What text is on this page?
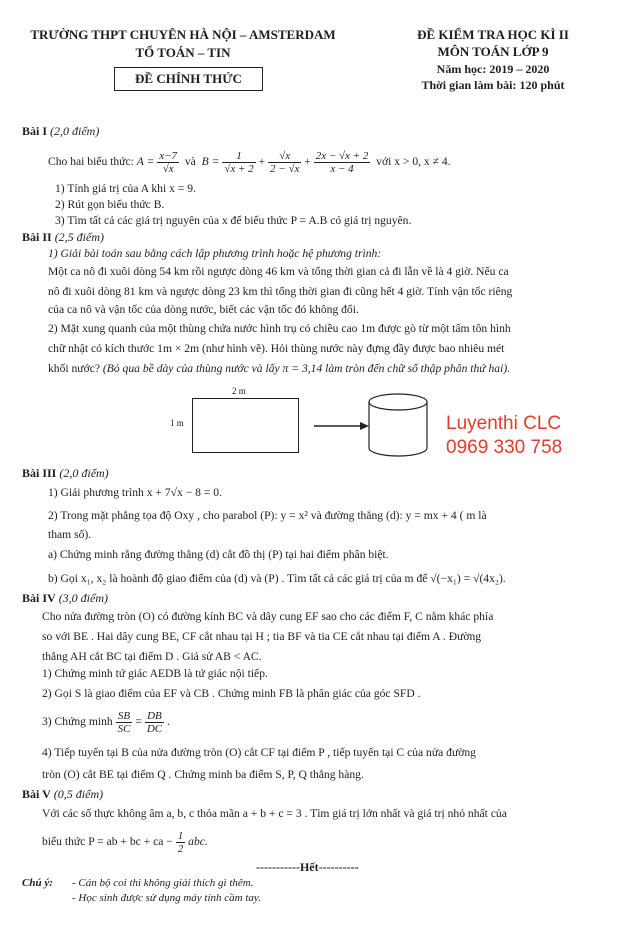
TRƯỜNG THPT CHUYÊN HÀ NỘI – AMSTERDAM
TỔ TOÁN – TIN
ĐỀ CHÍNH THỨC
ĐỀ KIỂM TRA HỌC KÌ II
MÔN TOÁN LỚP 9
Năm học: 2019 – 2020
Thời gian làm bài: 120 phút
Bài I (2,0 điểm)
Cho hai biểu thức: $A = \frac{x-7}{√x}$ và $B = \frac{1}{√x + 2} + \frac{√x}{2 - √x} + \frac{2x - √x + 2}{x - 4}$ với x > 0, x ≠ 4.
1) Tính giá trị của A khi x = 9.
2) Rút gọn biểu thức B.
3) Tìm tất cả các giá trị nguyên của x để biểu thức P = A.B có giá trị nguyên.
Bài II (2,5 điểm)
1) Giải bài toán sau bằng cách lập phương trình hoặc hệ phương trình:
Một ca nô đi xuôi dòng 54 km rồi ngược dòng 46 km và tổng thời gian cả đi lẫn về là 4 giờ. Nếu ca
nô đi xuôi dòng 81 km và ngược dòng 23 km thì tổng thời gian đi cũng hết 4 giờ. Tính vận tốc riêng
của ca nô và vận tốc của dòng nước, biết các vận tốc đó không đổi.
2) Mặt xung quanh của một thùng chứa nước hình trụ có chiều cao 1m được gò từ một tấm tôn hình
chữ nhật có kích thước 1m × 2m (như hình vẽ). Hỏi thùng nước này đựng đầy được bao nhiêu mét
khối nước? (Bỏ qua bề dày của thùng nước và lấy π = 3,14 làm tròn đến chữ số thập phân thứ hai).
2 m
1 m	Luyenthi CLC
0969 330 758
Bài III (2,0 điểm)
1) Giải phương trình x + 7√x − 8 = 0.
2) Trong mặt phẳng tọa độ Oxy , cho parabol (P): y = x² và đường thẳng (d): y = mx + 4 ( m là
tham số).
a) Chứng minh rằng đường thẳng (d) cắt đồ thị (P) tại hai điểm phân biệt.
b) Gọi x₁, x₂ là hoành độ giao điểm của (d) và (P) . Tìm tất cả các giá trị của m để √(−x₁) = √(4x₂).
Bài IV (3,0 điểm)
Cho nửa đường tròn (O) có đường kính BC và dây cung EF sao cho các điểm F, C nằm khác phía
so với BE . Hai dây cung BE, CF cắt nhau tại H ; tia BF và tia CE cắt nhau tại điểm A . Đường
thẳng AH cắt BC tại điểm D . Giả sử AB < AC.
1) Chứng minh tứ giác AEDB là tứ giác nội tiếp.
2) Gọi S là giao điểm của EF và CB . Chứng minh FB là phân giác của góc SFD .
3) Chứng minh $\frac{SB}{SC} = \frac{DB}{DC}$ .
4) Tiếp tuyến tại B của nửa đường tròn (O) cắt CF tại điểm P , tiếp tuyến tại C của nửa đường
tròn (O) cắt BE tại điểm Q . Chứng minh ba điểm S, P, Q thẳng hàng.
Bài V (0,5 điểm)
Với các số thực không âm a, b, c thỏa mãn a + b + c = 3 . Tìm giá trị lớn nhất và giá trị nhỏ nhất của
biểu thức P = ab + bc + ca − $\frac{1}{2}$ abc.
-----------Hết----------
Chú ý: - Cán bộ coi thi không giải thích gì thêm.
- Học sinh được sử dụng máy tính cầm tay.
